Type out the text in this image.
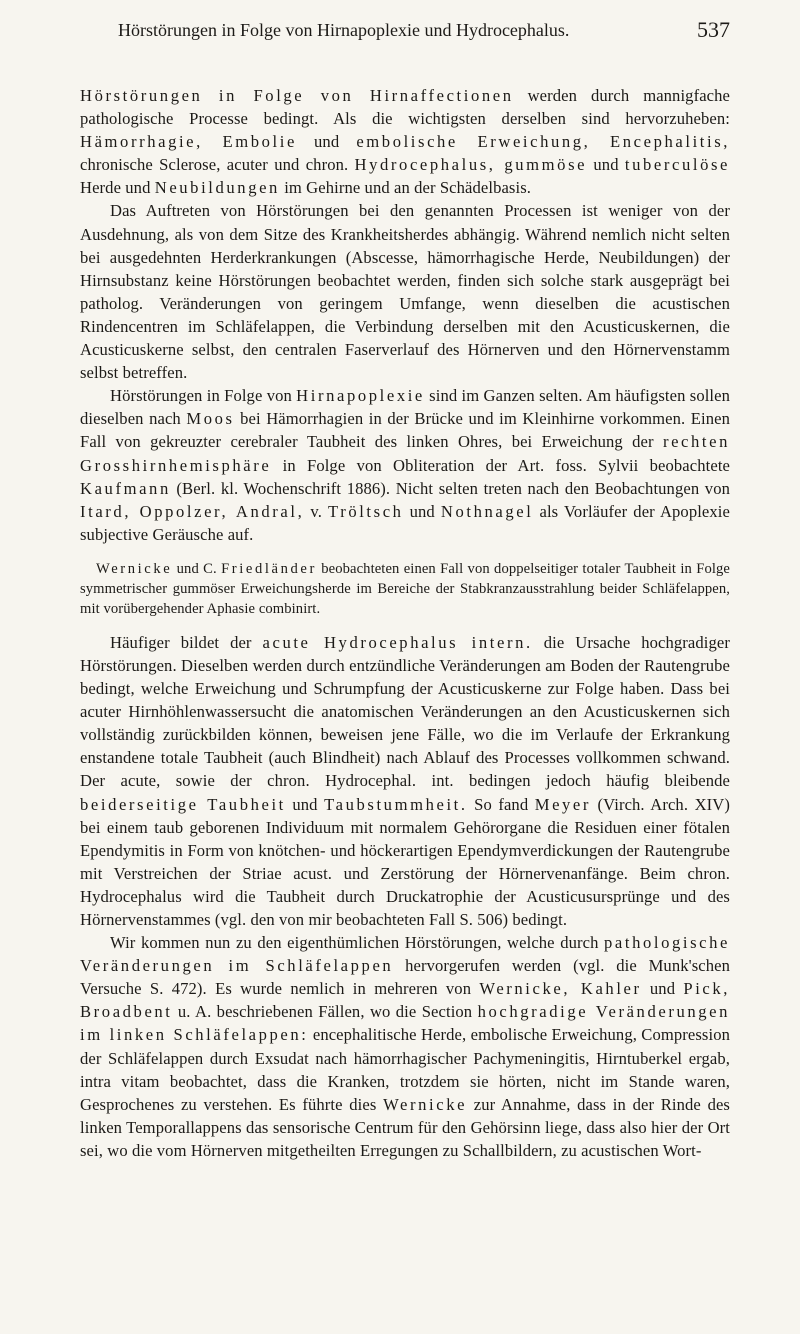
Hörstörungen in Folge von Hirnapoplexie und Hydrocephalus.	537

Hörstörungen in Folge von Hirnaffectionen werden durch mannigfache pathologische Processe bedingt. Als die wichtigsten derselben sind hervorzuheben: Hämorrhagie, Embolie und embolische Erweichung, Encephalitis, chronische Sclerose, acuter und chron. Hydrocephalus, gummöse und tuberculöse Herde und Neubildungen im Gehirne und an der Schädelbasis.

Das Auftreten von Hörstörungen bei den genannten Processen ist weniger von der Ausdehnung, als von dem Sitze des Krankheitsherdes abhängig. Während nemlich nicht selten bei ausgedehnten Herderkrankungen (Abscesse, hämorrhagische Herde, Neubildungen) der Hirnsubstanz keine Hörstörungen beobachtet werden, finden sich solche stark ausgeprägt bei patholog. Veränderungen von geringem Umfange, wenn dieselben die acustischen Rindencentren im Schläfelappen, die Verbindung derselben mit den Acusticuskernen, die Acusticuskerne selbst, den centralen Faserverlauf des Hörnerven und den Hörnervenstamm selbst betreffen.

Hörstörungen in Folge von Hirnapoplexie sind im Ganzen selten. Am häufigsten sollen dieselben nach Moos bei Hämorrhagien in der Brücke und im Kleinhirne vorkommen. Einen Fall von gekreuzter cerebraler Taubheit des linken Ohres, bei Erweichung der rechten Grosshirnhemisphäre in Folge von Obliteration der Art. foss. Sylvii beobachtete Kaufmann (Berl. kl. Wochenschrift 1886). Nicht selten treten nach den Beobachtungen von Itard, Oppolzer, Andral, v. Tröltsch und Nothnagel als Vorläufer der Apoplexie subjective Geräusche auf.

Wernicke und C. Friedländer beobachteten einen Fall von doppelseitiger totaler Taubheit in Folge symmetrischer gummöser Erweichungsherde im Bereiche der Stabkranzausstrahlung beider Schläfelappen, mit vorübergehender Aphasie combinirt.

Häufiger bildet der acute Hydrocephalus intern. die Ursache hochgradiger Hörstörungen. Dieselben werden durch entzündliche Veränderungen am Boden der Rautengrube bedingt, welche Erweichung und Schrumpfung der Acusticuskerne zur Folge haben. Dass bei acuter Hirnhöhlenwassersucht die anatomischen Veränderungen an den Acusticuskernen sich vollständig zurückbilden können, beweisen jene Fälle, wo die im Verlaufe der Erkrankung enstandene totale Taubheit (auch Blindheit) nach Ablauf des Processes vollkommen schwand. Der acute, sowie der chron. Hydrocephal. int. bedingen jedoch häufig bleibende beiderseitige Taubheit und Taubstummheit. So fand Meyer (Virch. Arch. XIV) bei einem taub geborenen Individuum mit normalem Gehörorgane die Residuen einer fötalen Ependymitis in Form von knötchen- und höckerartigen Ependymverdickungen der Rautengrube mit Verstreichen der Striae acust. und Zerstörung der Hörnervenanfänge. Beim chron. Hydrocephalus wird die Taubheit durch Druckatrophie der Acusticusursprünge und des Hörnervenstammes (vgl. den von mir beobachteten Fall S. 506) bedingt.

Wir kommen nun zu den eigenthümlichen Hörstörungen, welche durch pathologische Veränderungen im Schläfelappen hervorgerufen werden (vgl. die Munk'schen Versuche S. 472). Es wurde nemlich in mehreren von Wernicke, Kahler und Pick, Broadbent u. A. beschriebenen Fällen, wo die Section hochgradige Veränderungen im linken Schläfelappen: encephalitische Herde, embolische Erweichung, Compression der Schläfelappen durch Exsudat nach hämorrhagischer Pachymeningitis, Hirntuberkel ergab, intra vitam beobachtet, dass die Kranken, trotzdem sie hörten, nicht im Stande waren, Gesprochenes zu verstehen. Es führte dies Wernicke zur Annahme, dass in der Rinde des linken Temporallappens das sensorische Centrum für den Gehörsinn liege, dass also hier der Ort sei, wo die vom Hörnerven mitgetheilten Erregungen zu Schallbildern, zu acustischen Wort-
